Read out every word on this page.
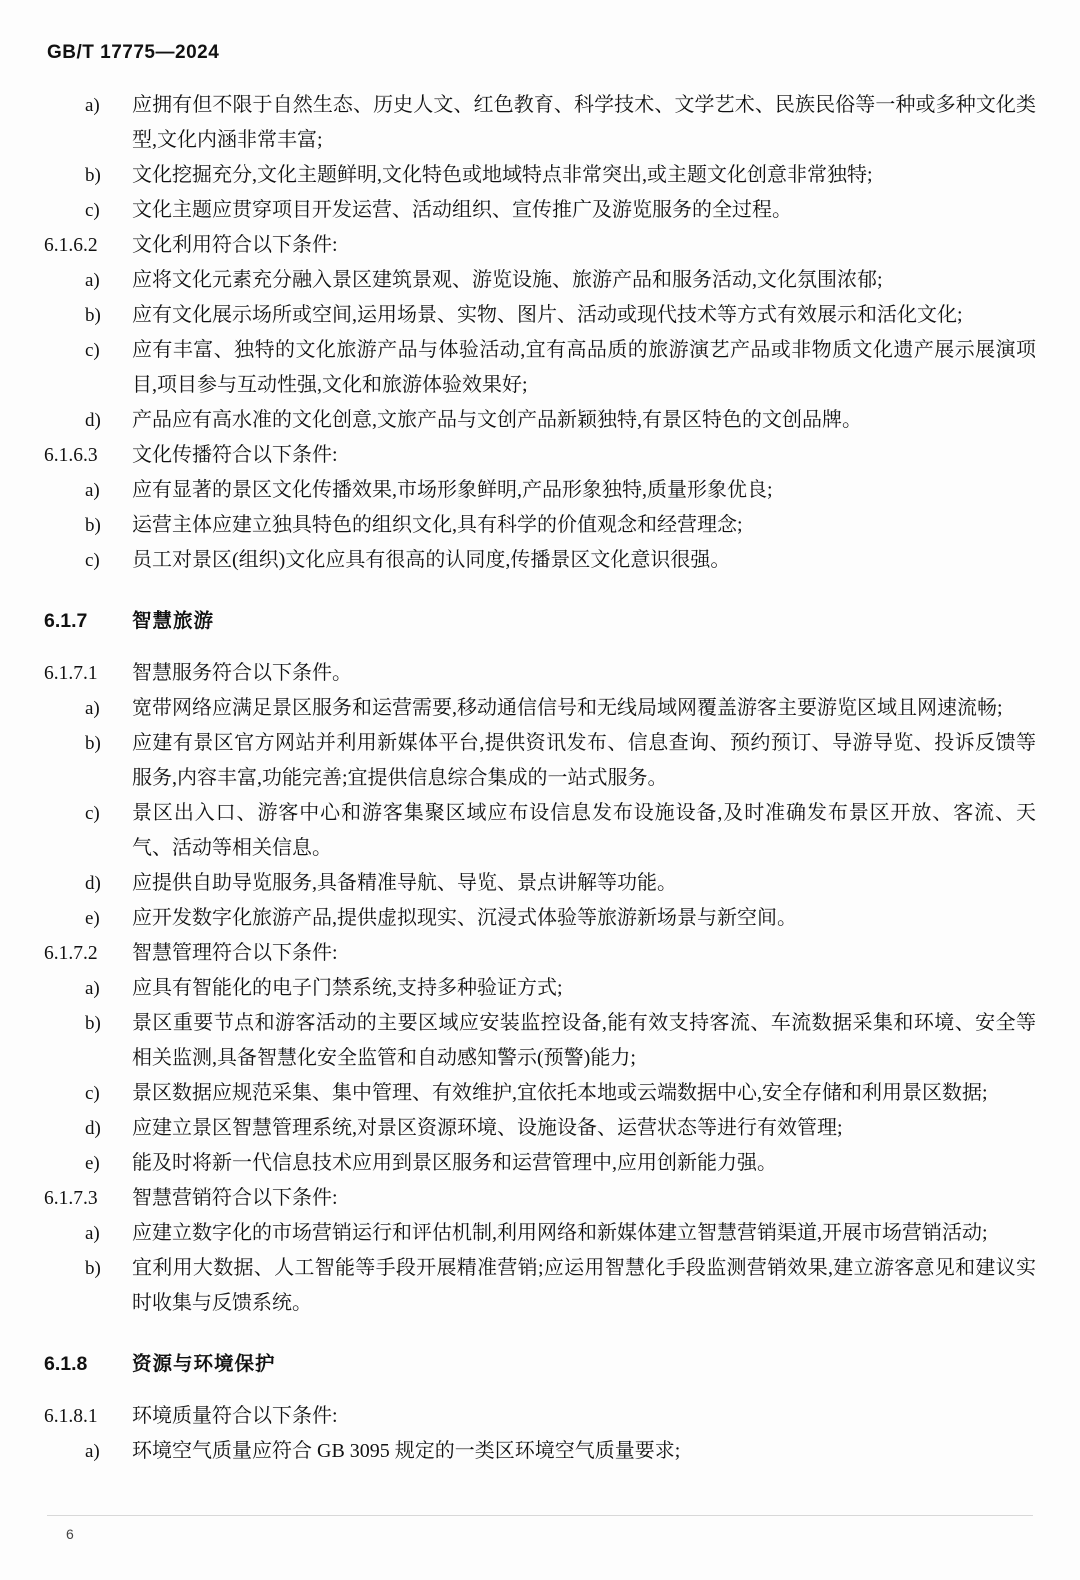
GB/T 17775—2024
a)	应拥有但不限于自然生态、历史人文、红色教育、科学技术、文学艺术、民族民俗等一种或多种文化类型,文化内涵非常丰富;
b)	文化挖掘充分,文化主题鲜明,文化特色或地域特点非常突出,或主题文化创意非常独特;
c)	文化主题应贯穿项目开发运营、活动组织、宣传推广及游览服务的全过程。
6.1.6.2	文化利用符合以下条件:
a)	应将文化元素充分融入景区建筑景观、游览设施、旅游产品和服务活动,文化氛围浓郁;
b)	应有文化展示场所或空间,运用场景、实物、图片、活动或现代技术等方式有效展示和活化文化;
c)	应有丰富、独特的文化旅游产品与体验活动,宜有高品质的旅游演艺产品或非物质文化遗产展示展演项目,项目参与互动性强,文化和旅游体验效果好;
d)	产品应有高水准的文化创意,文旅产品与文创产品新颖独特,有景区特色的文创品牌。
6.1.6.3	文化传播符合以下条件:
a)	应有显著的景区文化传播效果,市场形象鲜明,产品形象独特,质量形象优良;
b)	运营主体应建立独具特色的组织文化,具有科学的价值观念和经营理念;
c)	员工对景区(组织)文化应具有很高的认同度,传播景区文化意识很强。
6.1.7	智慧旅游
6.1.7.1	智慧服务符合以下条件。
a)	宽带网络应满足景区服务和运营需要,移动通信信号和无线局域网覆盖游客主要游览区域且网速流畅;
b)	应建有景区官方网站并利用新媒体平台,提供资讯发布、信息查询、预约预订、导游导览、投诉反馈等服务,内容丰富,功能完善;宜提供信息综合集成的一站式服务。
c)	景区出入口、游客中心和游客集聚区域应布设信息发布设施设备,及时准确发布景区开放、客流、天气、活动等相关信息。
d)	应提供自助导览服务,具备精准导航、导览、景点讲解等功能。
e)	应开发数字化旅游产品,提供虚拟现实、沉浸式体验等旅游新场景与新空间。
6.1.7.2	智慧管理符合以下条件:
a)	应具有智能化的电子门禁系统,支持多种验证方式;
b)	景区重要节点和游客活动的主要区域应安装监控设备,能有效支持客流、车流数据采集和环境、安全等相关监测,具备智慧化安全监管和自动感知警示(预警)能力;
c)	景区数据应规范采集、集中管理、有效维护,宜依托本地或云端数据中心,安全存储和利用景区数据;
d)	应建立景区智慧管理系统,对景区资源环境、设施设备、运营状态等进行有效管理;
e)	能及时将新一代信息技术应用到景区服务和运营管理中,应用创新能力强。
6.1.7.3	智慧营销符合以下条件:
a)	应建立数字化的市场营销运行和评估机制,利用网络和新媒体建立智慧营销渠道,开展市场营销活动;
b)	宜利用大数据、人工智能等手段开展精准营销;应运用智慧化手段监测营销效果,建立游客意见和建议实时收集与反馈系统。
6.1.8	资源与环境保护
6.1.8.1	环境质量符合以下条件:
a)	环境空气质量应符合 GB 3095 规定的一类区环境空气质量要求;
6
